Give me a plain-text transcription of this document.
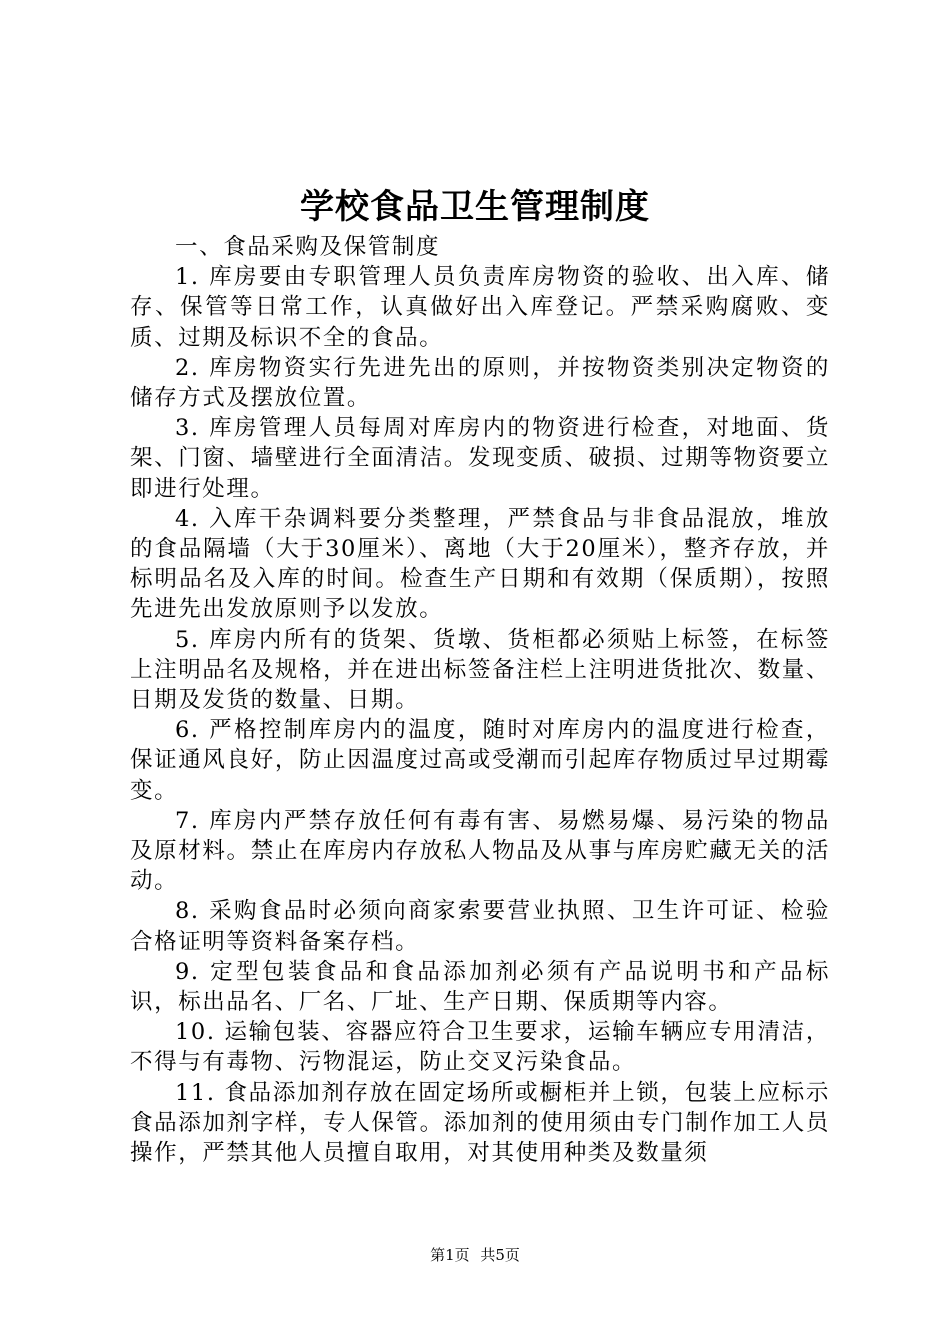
学校食品卫生管理制度

一、食品采购及保管制度

1. 库房要由专职管理人员负责库房物资的验收、出入库、储存、保管等日常工作，认真做好出入库登记。严禁采购腐败、变质、过期及标识不全的食品。

2. 库房物资实行先进先出的原则，并按物资类别决定物资的储存方式及摆放位置。

3. 库房管理人员每周对库房内的物资进行检查，对地面、货架、门窗、墙壁进行全面清洁。发现变质、破损、过期等物资要立即进行处理。

4. 入库干杂调料要分类整理，严禁食品与非食品混放，堆放的食品隔墙（大于30厘米）、离地（大于20厘米），整齐存放，并标明品名及入库的时间。检查生产日期和有效期（保质期），按照先进先出发放原则予以发放。

5. 库房内所有的货架、货墩、货柜都必须贴上标签，在标签上注明品名及规格，并在进出标签备注栏上注明进货批次、数量、日期及发货的数量、日期。

6. 严格控制库房内的温度，随时对库房内的温度进行检查，保证通风良好，防止因温度过高或受潮而引起库存物质过早过期霉变。

7. 库房内严禁存放任何有毒有害、易燃易爆、易污染的物品及原材料。禁止在库房内存放私人物品及从事与库房贮藏无关的活动。

8. 采购食品时必须向商家索要营业执照、卫生许可证、检验合格证明等资料备案存档。

9. 定型包装食品和食品添加剂必须有产品说明书和产品标识，标出品名、厂名、厂址、生产日期、保质期等内容。

10. 运输包装、容器应符合卫生要求，运输车辆应专用清洁，不得与有毒物、污物混运，防止交叉污染食品。

11. 食品添加剂存放在固定场所或橱柜并上锁，包装上应标示食品添加剂字样，专人保管。添加剂的使用须由专门制作加工人员操作，严禁其他人员擅自取用，对其使用种类及数量须

第1页 共5页
